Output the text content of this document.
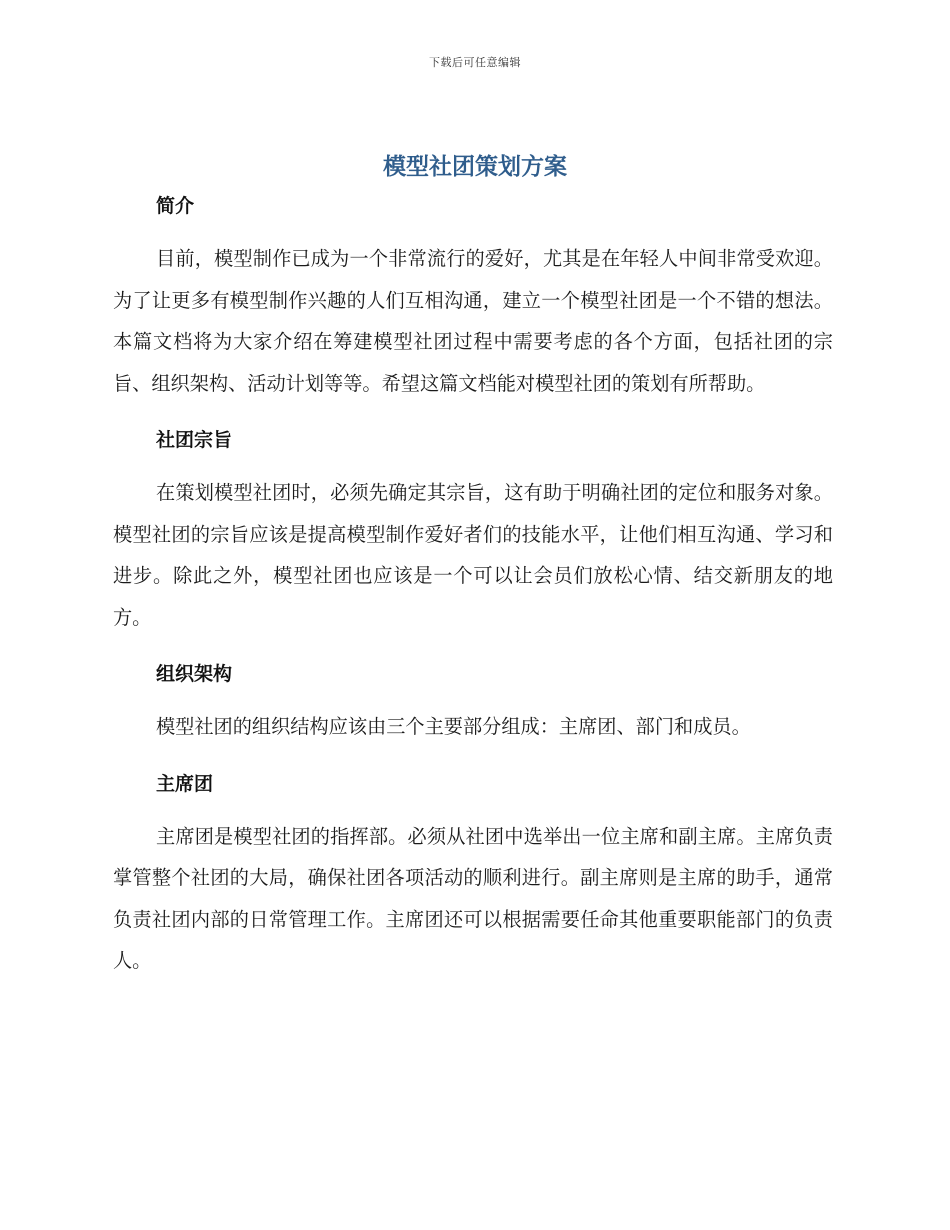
下载后可任意编辑
模型社团策划方案
简介

目前，模型制作已成为一个非常流行的爱好，尤其是在年轻人中间非常受欢迎。为了让更多有模型制作兴趣的人们互相沟通，建立一个模型社团是一个不错的想法。本篇文档将为大家介绍在筹建模型社团过程中需要考虑的各个方面，包括社团的宗旨、组织架构、活动计划等等。希望这篇文档能对模型社团的策划有所帮助。

社团宗旨

在策划模型社团时，必须先确定其宗旨，这有助于明确社团的定位和服务对象。模型社团的宗旨应该是提高模型制作爱好者们的技能水平，让他们相互沟通、学习和进步。除此之外，模型社团也应该是一个可以让会员们放松心情、结交新朋友的地方。

组织架构

模型社团的组织结构应该由三个主要部分组成：主席团、部门和成员。

主席团

主席团是模型社团的指挥部。必须从社团中选举出一位主席和副主席。主席负责掌管整个社团的大局，确保社团各项活动的顺利进行。副主席则是主席的助手，通常负责社团内部的日常管理工作。主席团还可以根据需要任命其他重要职能部门的负责人。
